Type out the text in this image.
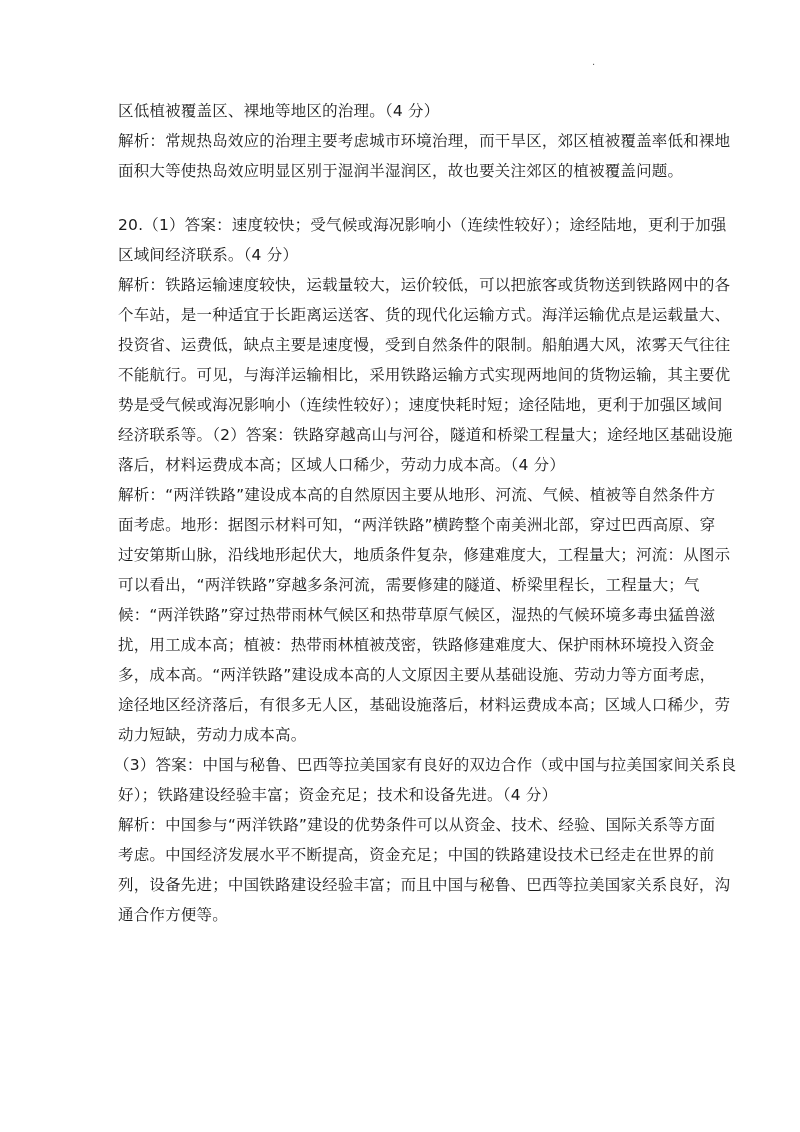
.
区低植被覆盖区、裸地等地区的治理。（4 分）
解析：常规热岛效应的治理主要考虑城市环境治理，而干旱区，郊区植被覆盖率低和裸地
面积大等使热岛效应明显区别于湿润半湿润区，故也要关注郊区的植被覆盖问题。
20.（1）答案：速度较快；受气候或海况影响小（连续性较好）；途经陆地，更利于加强
区域间经济联系。（4 分）
解析：铁路运输速度较快，运载量较大，运价较低，可以把旅客或货物送到铁路网中的各
个车站，是一种适宜于长距离运送客、货的现代化运输方式。海洋运输优点是运载量大、
投资省、运费低，缺点主要是速度慢，受到自然条件的限制。船舶遇大风，浓雾天气往往
不能航行。可见，与海洋运输相比，采用铁路运输方式实现两地间的货物运输，其主要优
势是受气候或海况影响小（连续性较好）；速度快耗时短；途径陆地，更利于加强区域间
经济联系等。（2）答案：铁路穿越高山与河谷，隧道和桥梁工程量大；途经地区基础设施
落后，材料运费成本高；区域人口稀少，劳动力成本高。（4 分）
解析：“两洋铁路”建设成本高的自然原因主要从地形、河流、气候、植被等自然条件方
面考虑。地形：据图示材料可知，“两洋铁路”横跨整个南美洲北部，穿过巴西高原、穿
过安第斯山脉，沿线地形起伏大，地质条件复杂，修建难度大，工程量大；河流：从图示
可以看出，“两洋铁路”穿越多条河流，需要修建的隧道、桥梁里程长，工程量大；气
候：“两洋铁路”穿过热带雨林气候区和热带草原气候区，湿热的气候环境多毒虫猛兽滋
扰，用工成本高；植被：热带雨林植被茂密，铁路修建难度大、保护雨林环境投入资金
多，成本高。“两洋铁路”建设成本高的人文原因主要从基础设施、劳动力等方面考虑，
途径地区经济落后，有很多无人区，基础设施落后，材料运费成本高；区域人口稀少，劳
动力短缺，劳动力成本高。
（3）答案：中国与秘鲁、巴西等拉美国家有良好的双边合作（或中国与拉美国家间关系良
好）；铁路建设经验丰富；资金充足；技术和设备先进。（4 分）
解析：中国参与“两洋铁路”建设的优势条件可以从资金、技术、经验、国际关系等方面
考虑。中国经济发展水平不断提高，资金充足；中国的铁路建设技术已经走在世界的前
列，设备先进；中国铁路建设经验丰富；而且中国与秘鲁、巴西等拉美国家关系良好，沟
通合作方便等。
